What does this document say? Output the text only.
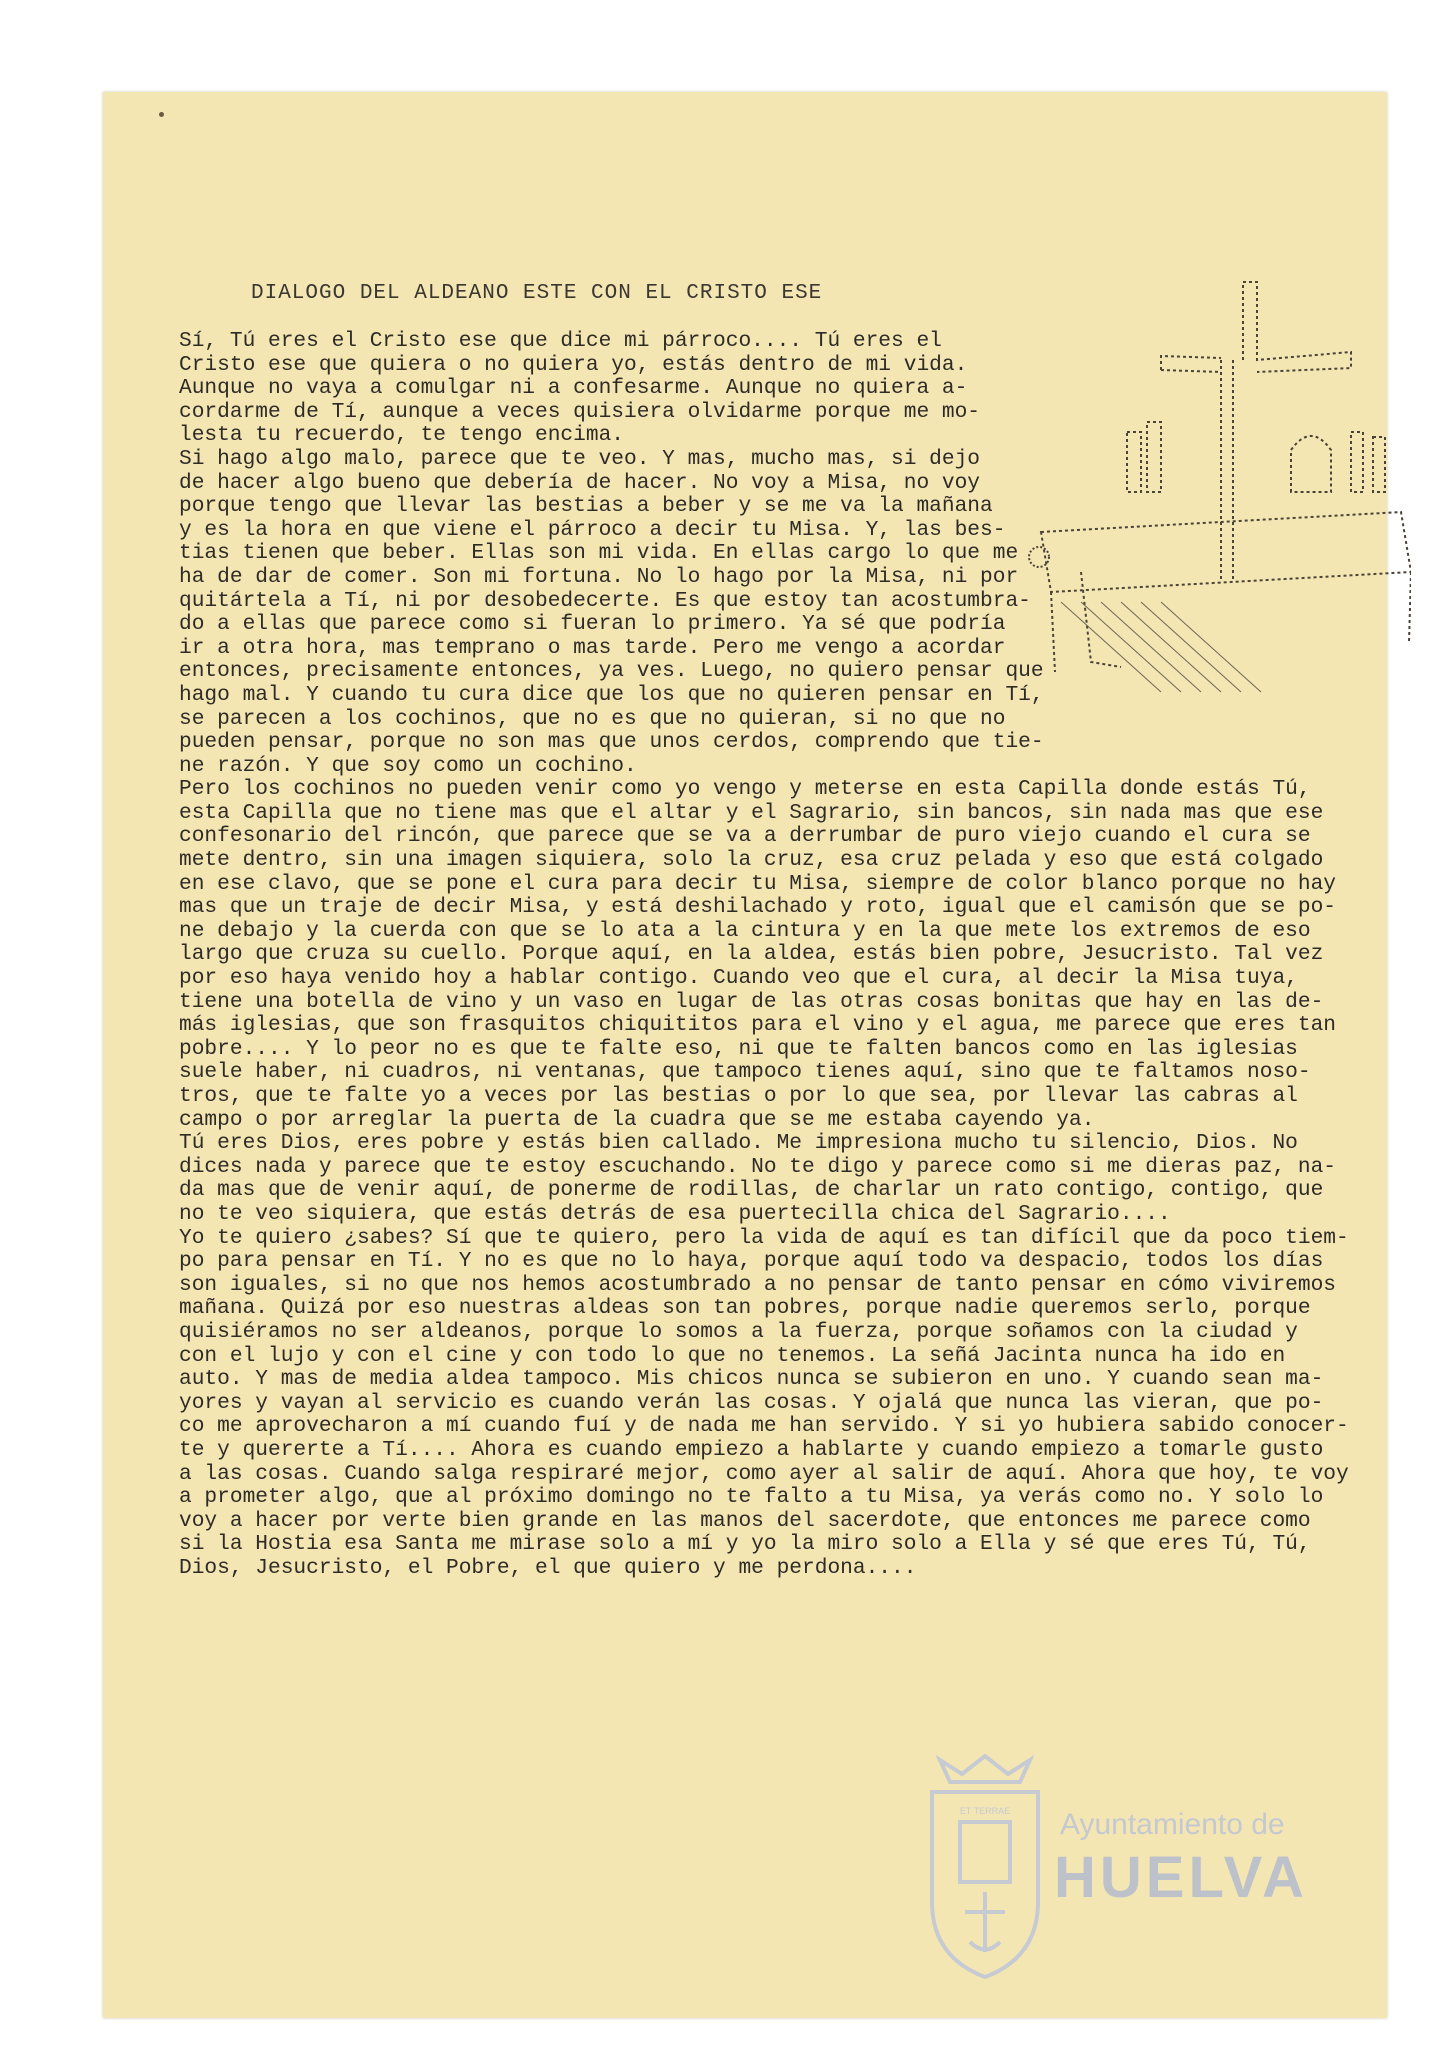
DIALOGO DEL ALDEANO ESTE CON EL CRISTO ESE
Sí, Tú eres el Cristo ese que dice mi párroco.... Tú eres el
Cristo ese que quiera o no quiera yo, estás dentro de mi vida.
Aunque no vaya a comulgar ni a confesarme. Aunque no quiera a-
cordarme de Tí, aunque a veces quisiera olvidarme porque me mo-
lesta tu recuerdo, te tengo encima.
Si hago algo malo, parece que te veo. Y mas, mucho mas, si dejo
de hacer algo bueno que debería de hacer. No voy a Misa, no voy
porque tengo que llevar las bestias a beber y se me va la mañana
y es la hora en que viene el párroco a decir tu Misa. Y, las bes-
tias tienen que beber. Ellas son mi vida. En ellas cargo lo que me
ha de dar de comer. Son mi fortuna. No lo hago por la Misa, ni por
quitártela a Tí, ni por desobedecerte. Es que estoy tan acostumbra-
do a ellas que parece como si fueran lo primero. Ya sé que podría
ir a otra hora, mas temprano o mas tarde. Pero me vengo a acordar
entonces, precisamente entonces, ya ves. Luego, no quiero pensar que
hago mal. Y cuando tu cura dice que los que no quieren pensar en Tí,
se parecen a los cochinos, que no es que no quieran, si no que no
pueden pensar, porque no son mas que unos cerdos, comprendo que tie-
ne razón. Y que soy como un cochino.
Pero los cochinos no pueden venir como yo vengo y meterse en esta Capilla donde estás Tú,
esta Capilla que no tiene mas que el altar y el Sagrario, sin bancos, sin nada mas que ese
confesonario del rincón, que parece que se va a derrumbar de puro viejo cuando el cura se
mete dentro, sin una imagen siquiera, solo la cruz, esa cruz pelada y eso que está colgado
en ese clavo, que se pone el cura para decir tu Misa, siempre de color blanco porque no hay
mas que un traje de decir Misa, y está deshilachado y roto, igual que el camisón que se po-
ne debajo y la cuerda con que se lo ata a la cintura y en la que mete los extremos de eso
largo que cruza su cuello. Porque aquí, en la aldea, estás bien pobre, Jesucristo. Tal vez
por eso haya venido hoy a hablar contigo. Cuando veo que el cura, al decir la Misa tuya,
tiene una botella de vino y un vaso en lugar de las otras cosas bonitas que hay en las de-
más iglesias, que son frasquitos chiquititos para el vino y el agua, me parece que eres tan
pobre.... Y lo peor no es que te falte eso, ni que te falten bancos como en las iglesias
suele haber, ni cuadros, ni ventanas, que tampoco tienes aquí, sino que te faltamos noso-
tros, que te falte yo a veces por las bestias o por lo que sea, por llevar las cabras al
campo o por arreglar la puerta de la cuadra que se me estaba cayendo ya.
Tú eres Dios, eres pobre y estás bien callado. Me impresiona mucho tu silencio, Dios. No
dices nada y parece que te estoy escuchando. No te digo y parece como si me dieras paz, na-
da mas que de venir aquí, de ponerme de rodillas, de charlar un rato contigo, contigo, que
no te veo siquiera, que estás detrás de esa puertecilla chica del Sagrario....
Yo te quiero ¿sabes? Sí que te quiero, pero la vida de aquí es tan difícil que da poco tiem-
po para pensar en Tí. Y no es que no lo haya, porque aquí todo va despacio, todos los días
son iguales, si no que nos hemos acostumbrado a no pensar de tanto pensar en cómo viviremos
mañana. Quizá por eso nuestras aldeas son tan pobres, porque nadie queremos serlo, porque
quisiéramos no ser aldeanos, porque lo somos a la fuerza, porque soñamos con la ciudad y
con el lujo y con el cine y con todo lo que no tenemos. La señá Jacinta nunca ha ido en
auto. Y mas de media aldea tampoco. Mis chicos nunca se subieron en uno. Y cuando sean ma-
yores y vayan al servicio es cuando verán las cosas. Y ojalá que nunca las vieran, que po-
co me aprovecharon a mí cuando fuí y de nada me han servido. Y si yo hubiera sabido conocer-
te y quererte a Tí.... Ahora es cuando empiezo a hablarte y cuando empiezo a tomarle gusto
a las cosas. Cuando salga respiraré mejor, como ayer al salir de aquí. Ahora que hoy, te voy
a prometer algo, que al próximo domingo no te falto a tu Misa, ya verás como no. Y solo lo
voy a hacer por verte bien grande en las manos del sacerdote, que entonces me parece como
si la Hostia esa Santa me mirase solo a mí y yo la miro solo a Ella y sé que eres Tú, Tú,
Dios, Jesucristo, el Pobre, el que quiero y me perdona....
ET TERRAE Ayuntamiento de
HUELVA
